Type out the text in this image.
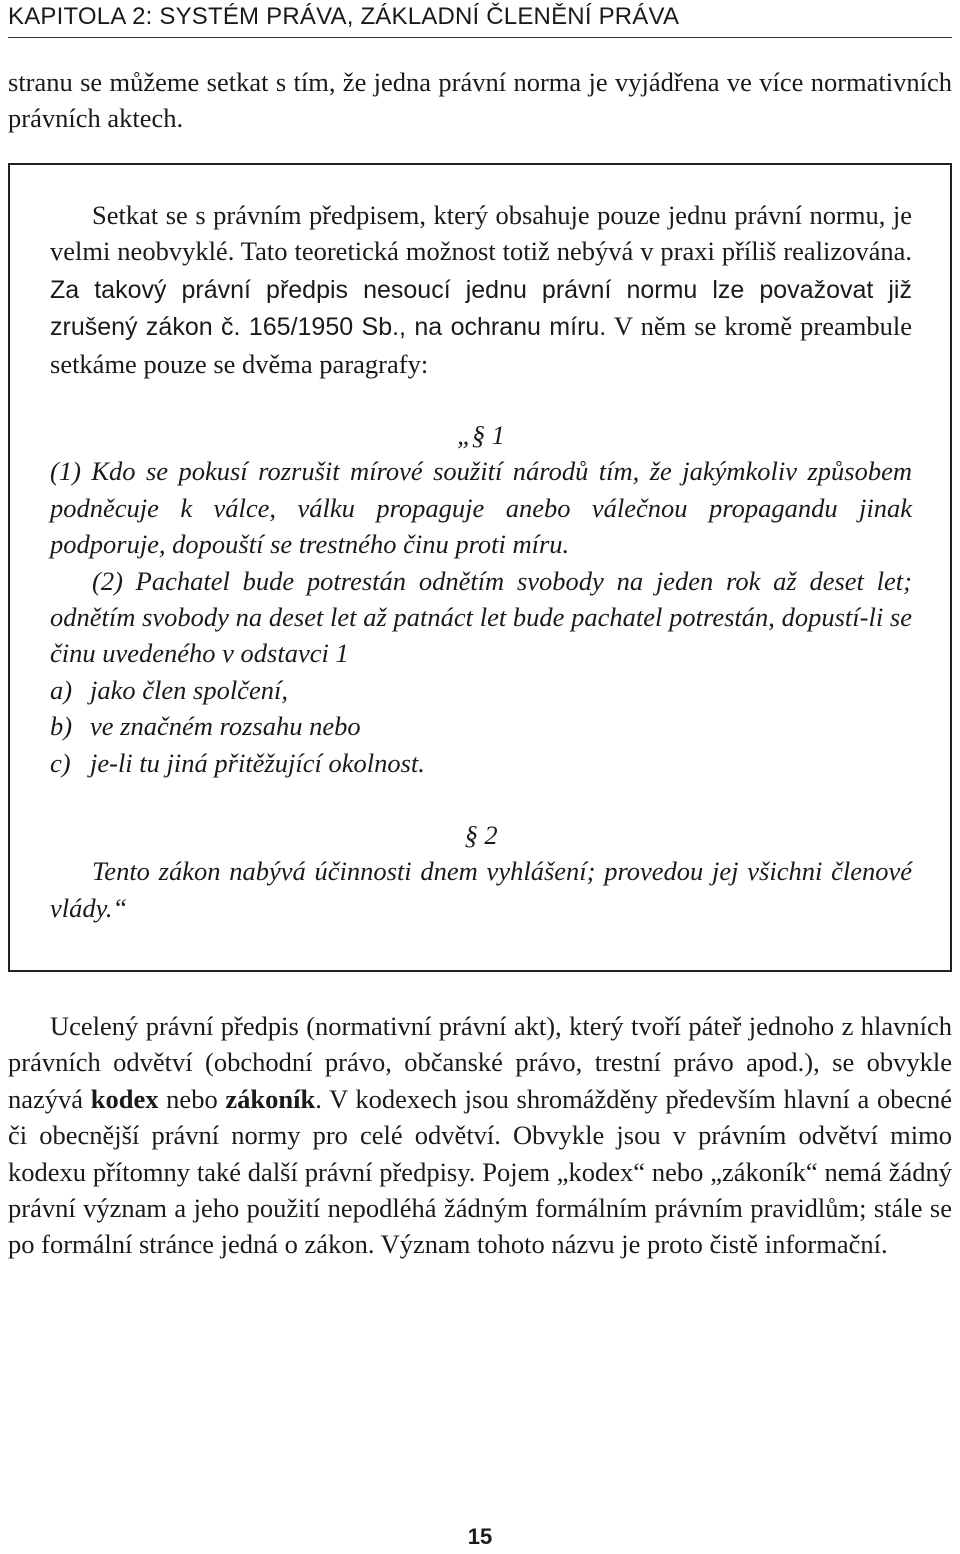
KAPITOLA 2: SYSTÉM PRÁVA, ZÁKLADNÍ ČLENĚNÍ PRÁVA

stranu se můžeme setkat s tím, že jedna právní norma je vyjádřena ve více normativních právních aktech.

Setkat se s právním předpisem, který obsahuje pouze jednu právní normu, je velmi neobvyklé. Tato teoretická možnost totiž nebývá v praxi příliš realizována. Za takový právní předpis nesoucí jednu právní normu lze považovat již zrušený zákon č. 165/1950 Sb., na ochranu míru. V něm se kromě preambule setkáme pouze se dvěma paragrafy:

„§ 1

(1) Kdo se pokusí rozrušit mírové soužití národů tím, že jakýmkoliv způsobem podněcuje k válce, válku propaguje anebo válečnou propagandu jinak podporuje, dopouští se trestného činu proti míru.

(2) Pachatel bude potrestán odnětím svobody na jeden rok až deset let; odnětím svobody na deset let až patnáct let bude pachatel potrestán, dopustí-li se činu uvedeného v odstavci 1

a) jako člen spolčení,

b) ve značném rozsahu nebo

c) je-li tu jiná přitěžující okolnost.

§ 2

Tento zákon nabývá účinnosti dnem vyhlášení; provedou jej všichni členové vlády.“

Ucelený právní předpis (normativní právní akt), který tvoří páteř jednoho z hlavních právních odvětví (obchodní právo, občanské právo, trestní právo apod.), se obvykle nazývá kodex nebo zákoník. V kodexech jsou shromážděny především hlavní a obecné či obecnější právní normy pro celé odvětví. Obvykle jsou v právním odvětví mimo kodexu přítomny také další právní předpisy. Pojem „kodex“ nebo „zákoník“ nemá žádný právní význam a jeho použití nepodléhá žádným formálním právním pravidlům; stále se po formální stránce jedná o zákon. Význam tohoto názvu je proto čistě informační.

15
